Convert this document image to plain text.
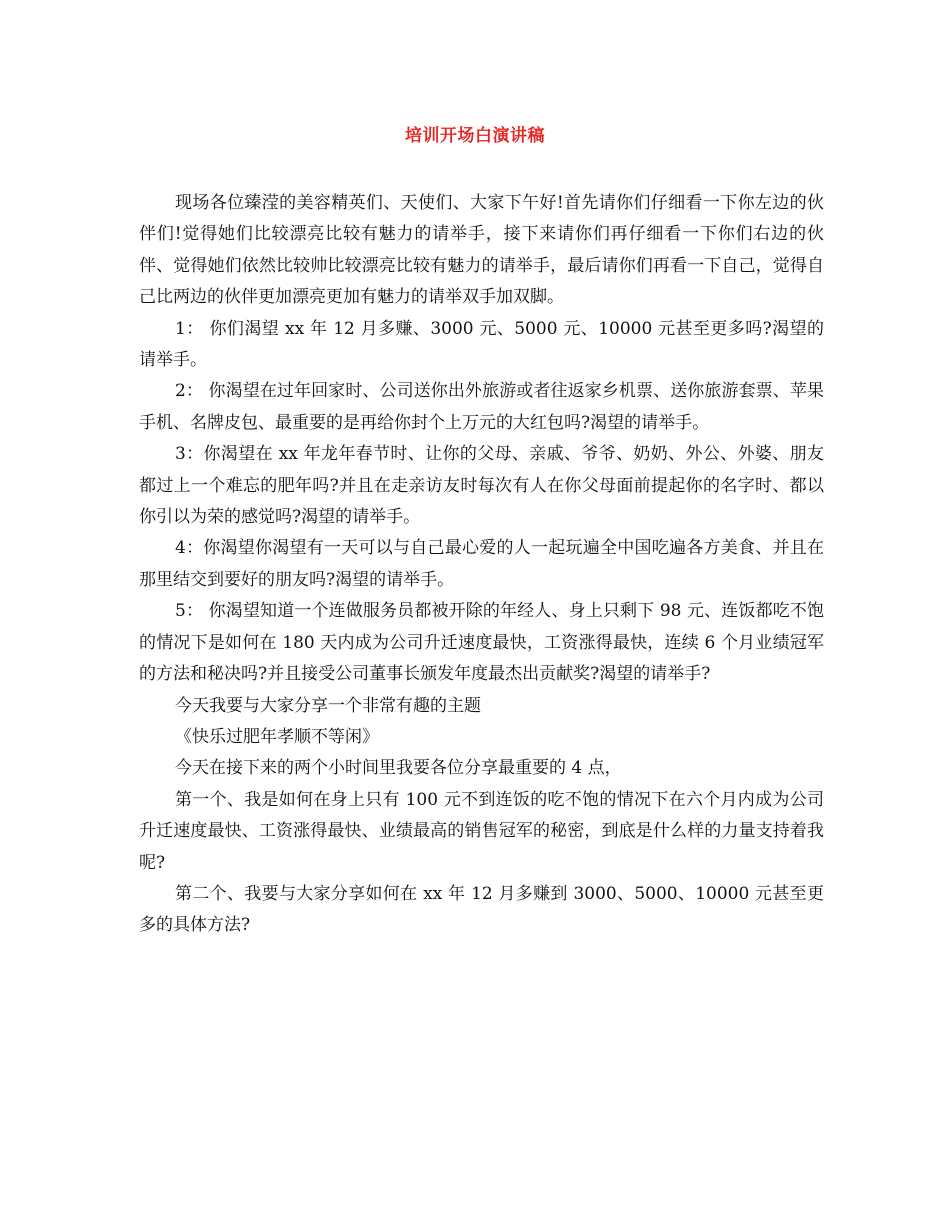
培训开场白演讲稿

现场各位臻滢的美容精英们、天使们、大家下午好!首先请你们仔细看一下你左边的伙伴们!觉得她们比较漂亮比较有魅力的请举手，接下来请你们再仔细看一下你们右边的伙伴、觉得她们依然比较帅比较漂亮比较有魅力的请举手，最后请你们再看一下自己，觉得自己比两边的伙伴更加漂亮更加有魅力的请举双手加双脚。

1： 你们渴望 xx 年 12 月多赚、3000 元、5000 元、10000 元甚至更多吗?渴望的请举手。

2： 你渴望在过年回家时、公司送你出外旅游或者往返家乡机票、送你旅游套票、苹果手机、名牌皮包、最重要的是再给你封个上万元的大红包吗?渴望的请举手。

3：你渴望在 xx 年龙年春节时、让你的父母、亲戚、爷爷、奶奶、外公、外婆、朋友都过上一个难忘的肥年吗?并且在走亲访友时每次有人在你父母面前提起你的名字时、都以你引以为荣的感觉吗?渴望的请举手。

4：你渴望你渴望有一天可以与自己最心爱的人一起玩遍全中国吃遍各方美食、并且在那里结交到要好的朋友吗?渴望的请举手。

5： 你渴望知道一个连做服务员都被开除的年经人、身上只剩下 98 元、连饭都吃不饱的情况下是如何在 180 天内成为公司升迁速度最快，工资涨得最快，连续 6 个月业绩冠军的方法和秘决吗?并且接受公司董事长颁发年度最杰出贡献奖?渴望的请举手?

今天我要与大家分享一个非常有趣的主题

《快乐过肥年孝顺不等闲》

今天在接下来的两个小时间里我要各位分享最重要的 4 点，

第一个、我是如何在身上只有 100 元不到连饭的吃不饱的情况下在六个月内成为公司升迁速度最快、工资涨得最快、业绩最高的销售冠军的秘密，到底是什么样的力量支持着我呢?

第二个、我要与大家分享如何在 xx 年 12 月多赚到 3000、5000、10000 元甚至更多的具体方法?
